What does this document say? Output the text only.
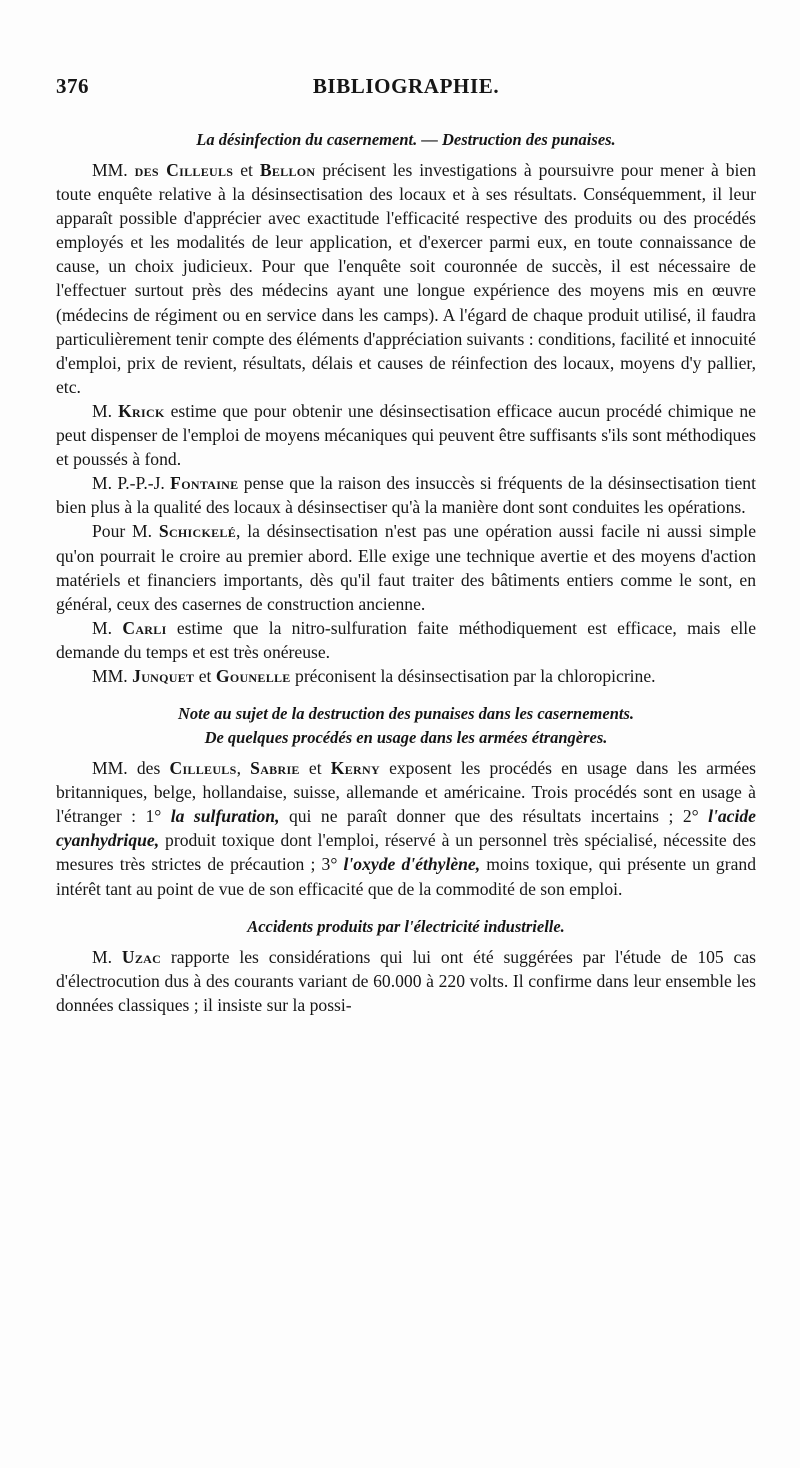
376	BIBLIOGRAPHIE.
La désinfection du casernement. — Destruction des punaises.

MM. des Cilleuls et Bellon précisent les investigations à poursuivre pour mener à bien toute enquête relative à la désinsectisation des locaux et à ses résultats. Conséquemment, il leur apparaît possible d'apprécier avec exactitude l'efficacité respective des produits ou des procédés employés et les modalités de leur application, et d'exercer parmi eux, en toute connaissance de cause, un choix judicieux. Pour que l'enquête soit couronnée de succès, il est nécessaire de l'effectuer surtout près des médecins ayant une longue expérience des moyens mis en œuvre (médecins de régiment ou en service dans les camps). A l'égard de chaque produit utilisé, il faudra particulièrement tenir compte des éléments d'appréciation suivants : conditions, facilité et innocuité d'emploi, prix de revient, résultats, délais et causes de réinfection des locaux, moyens d'y pallier, etc.

M. Krick estime que pour obtenir une désinsectisation efficace aucun procédé chimique ne peut dispenser de l'emploi de moyens mécaniques qui peuvent être suffisants s'ils sont méthodiques et poussés à fond.

M. P.-P.-J. Fontaine pense que la raison des insuccès si fréquents de la désinsectisation tient bien plus à la qualité des locaux à désinsectiser qu'à la manière dont sont conduites les opérations.

Pour M. Schickelé, la désinsectisation n'est pas une opération aussi facile ni aussi simple qu'on pourrait le croire au premier abord. Elle exige une technique avertie et des moyens d'action matériels et financiers importants, dès qu'il faut traiter des bâtiments entiers comme le sont, en général, ceux des casernes de construction ancienne.

M. Carli estime que la nitro-sulfuration faite méthodiquement est efficace, mais elle demande du temps et est très onéreuse.

MM. Junquet et Gounelle préconisent la désinsectisation par la chloropicrine.

Note au sujet de la destruction des punaises dans les casernements.
De quelques procédés en usage dans les armées étrangères.

MM. des Cilleuls, Sabrie et Kerny exposent les procédés en usage dans les armées britanniques, belge, hollandaise, suisse, allemande et américaine. Trois procédés sont en usage à l'étranger : 1° la sulfuration, qui ne paraît donner que des résultats incertains ; 2° l'acide cyanhydrique, produit toxique dont l'emploi, réservé à un personnel très spécialisé, nécessite des mesures très strictes de précaution ; 3° l'oxyde d'éthylène, moins toxique, qui présente un grand intérêt tant au point de vue de son efficacité que de la commodité de son emploi.

Accidents produits par l'électricité industrielle.

M. Uzac rapporte les considérations qui lui ont été suggérées par l'étude de 105 cas d'électrocution dus à des courants variant de 60.000 à 220 volts. Il confirme dans leur ensemble les données classiques ; il insiste sur la possi-
